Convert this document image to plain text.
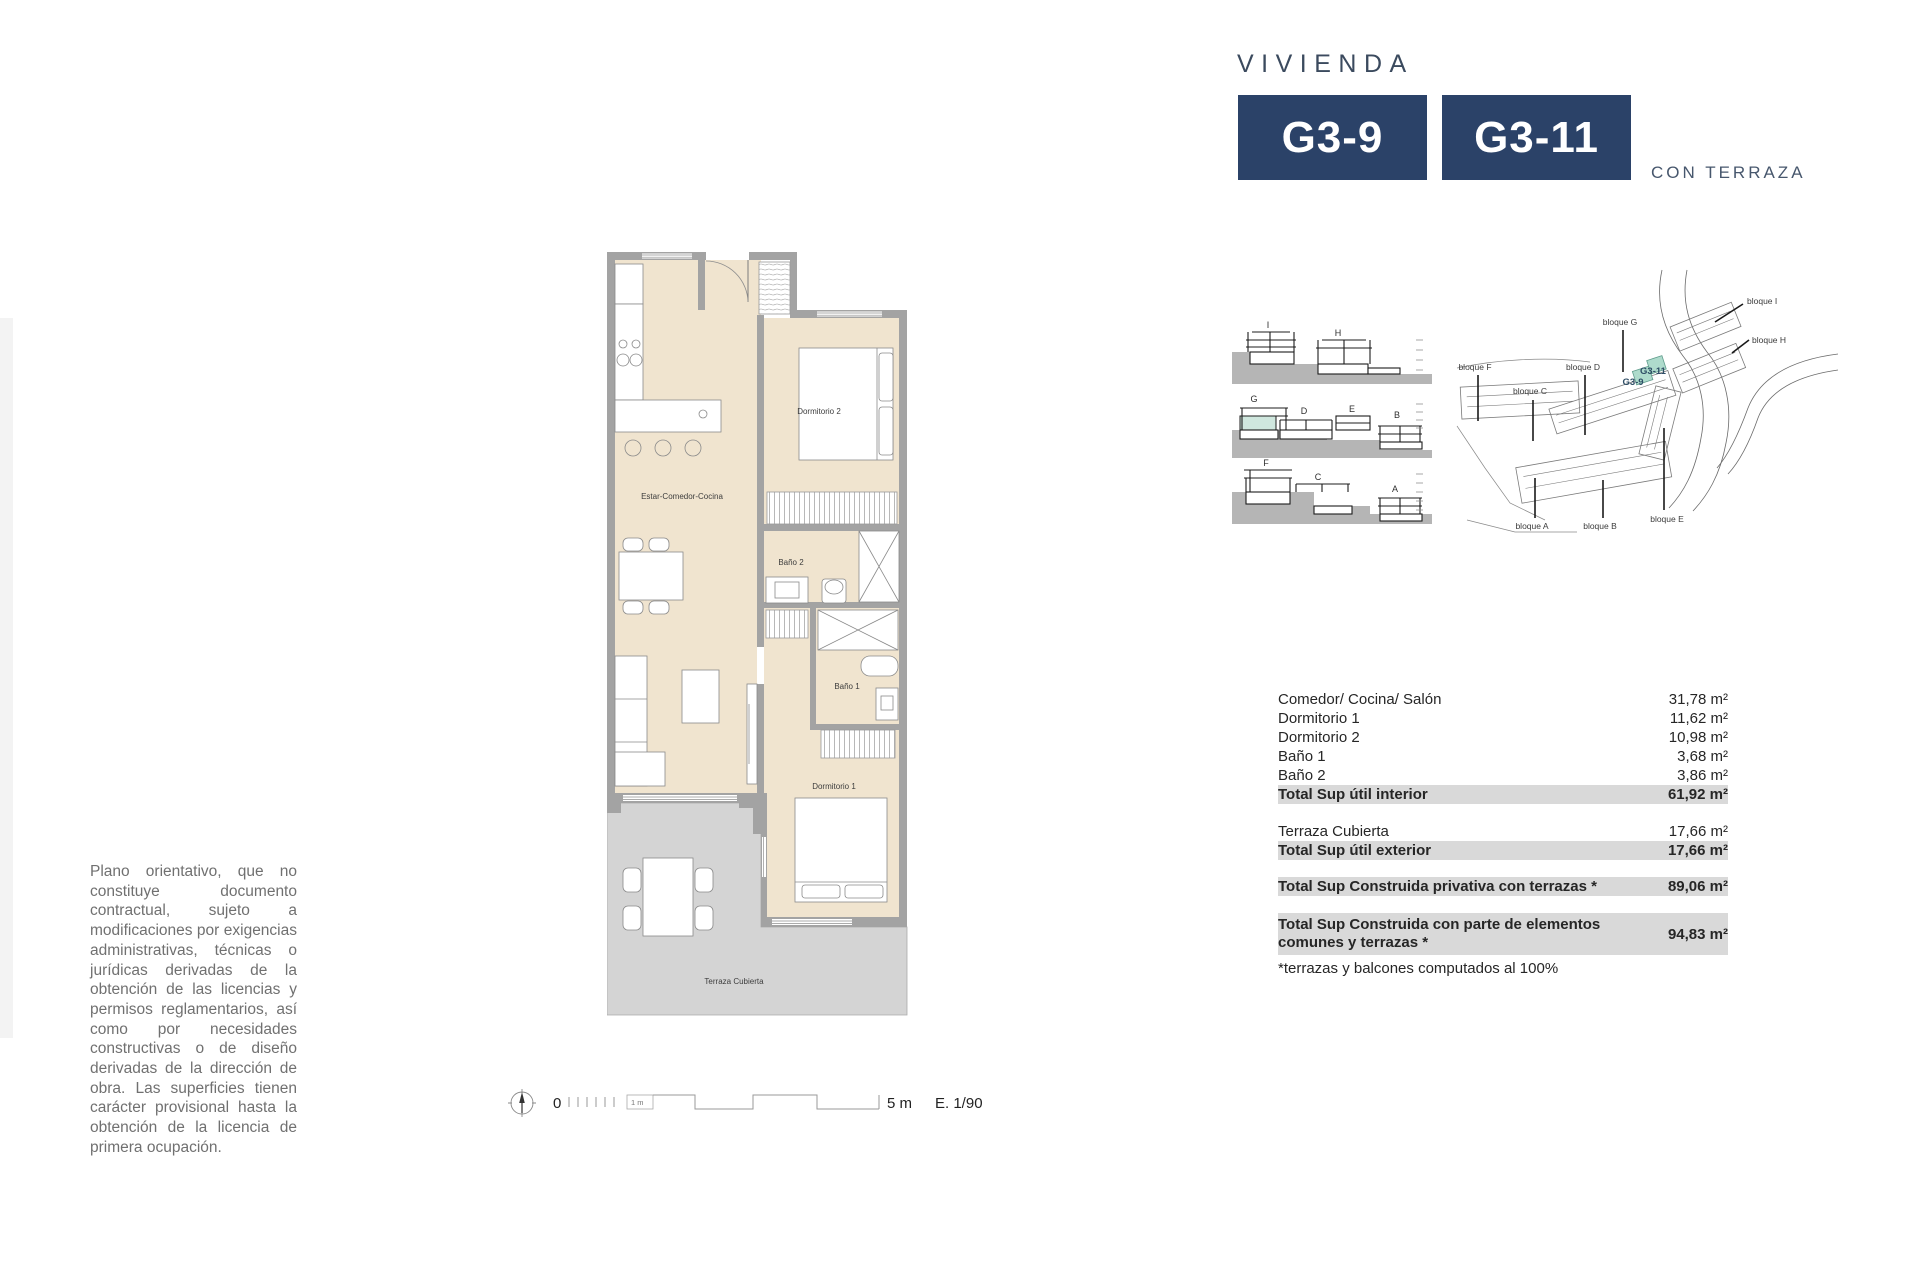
VIVIENDA
G3-9 G3-11
CON TERRAZA
Estar-Comedor-Cocina
Dormitorio 2
Baño 2
Baño 1
Dormitorio 1
Terraza Cubierta
I
H
G
D	E
B
F
C
A
bloque G
bloque I
bloque H
bloque F	bloque D
bloque C
bloque A	bloque B
bloque E
G3-11
G3-9
Comedor/ Cocina/ Salón	31,78 m²
Dormitorio 1	11,62 m²
Dormitorio 2	10,98 m²
Baño 1	3,68 m²
Baño 2	3,86 m²
Total Sup útil interior	61,92 m²
Terraza Cubierta	17,66 m²
Total Sup útil exterior	17,66 m²
Total Sup Construida privativa con terrazas *	89,06 m²
Total Sup Construida con parte de elementos comunes y terrazas *	94,83 m²
*terrazas y balcones computados al 100%
Plano orientativo, que no constituye documento contractual, sujeto a modificaciones por exigencias administrativas, técnicas o jurídicas derivadas de la obtención de las licencias y permisos reglamentarios, así como por necesidades constructivas o de diseño derivadas de la dirección de obra. Las superficies tienen carácter provisional hasta la obtención de la licencia de primera ocupación.
0	1 m	5 m E. 1/90
